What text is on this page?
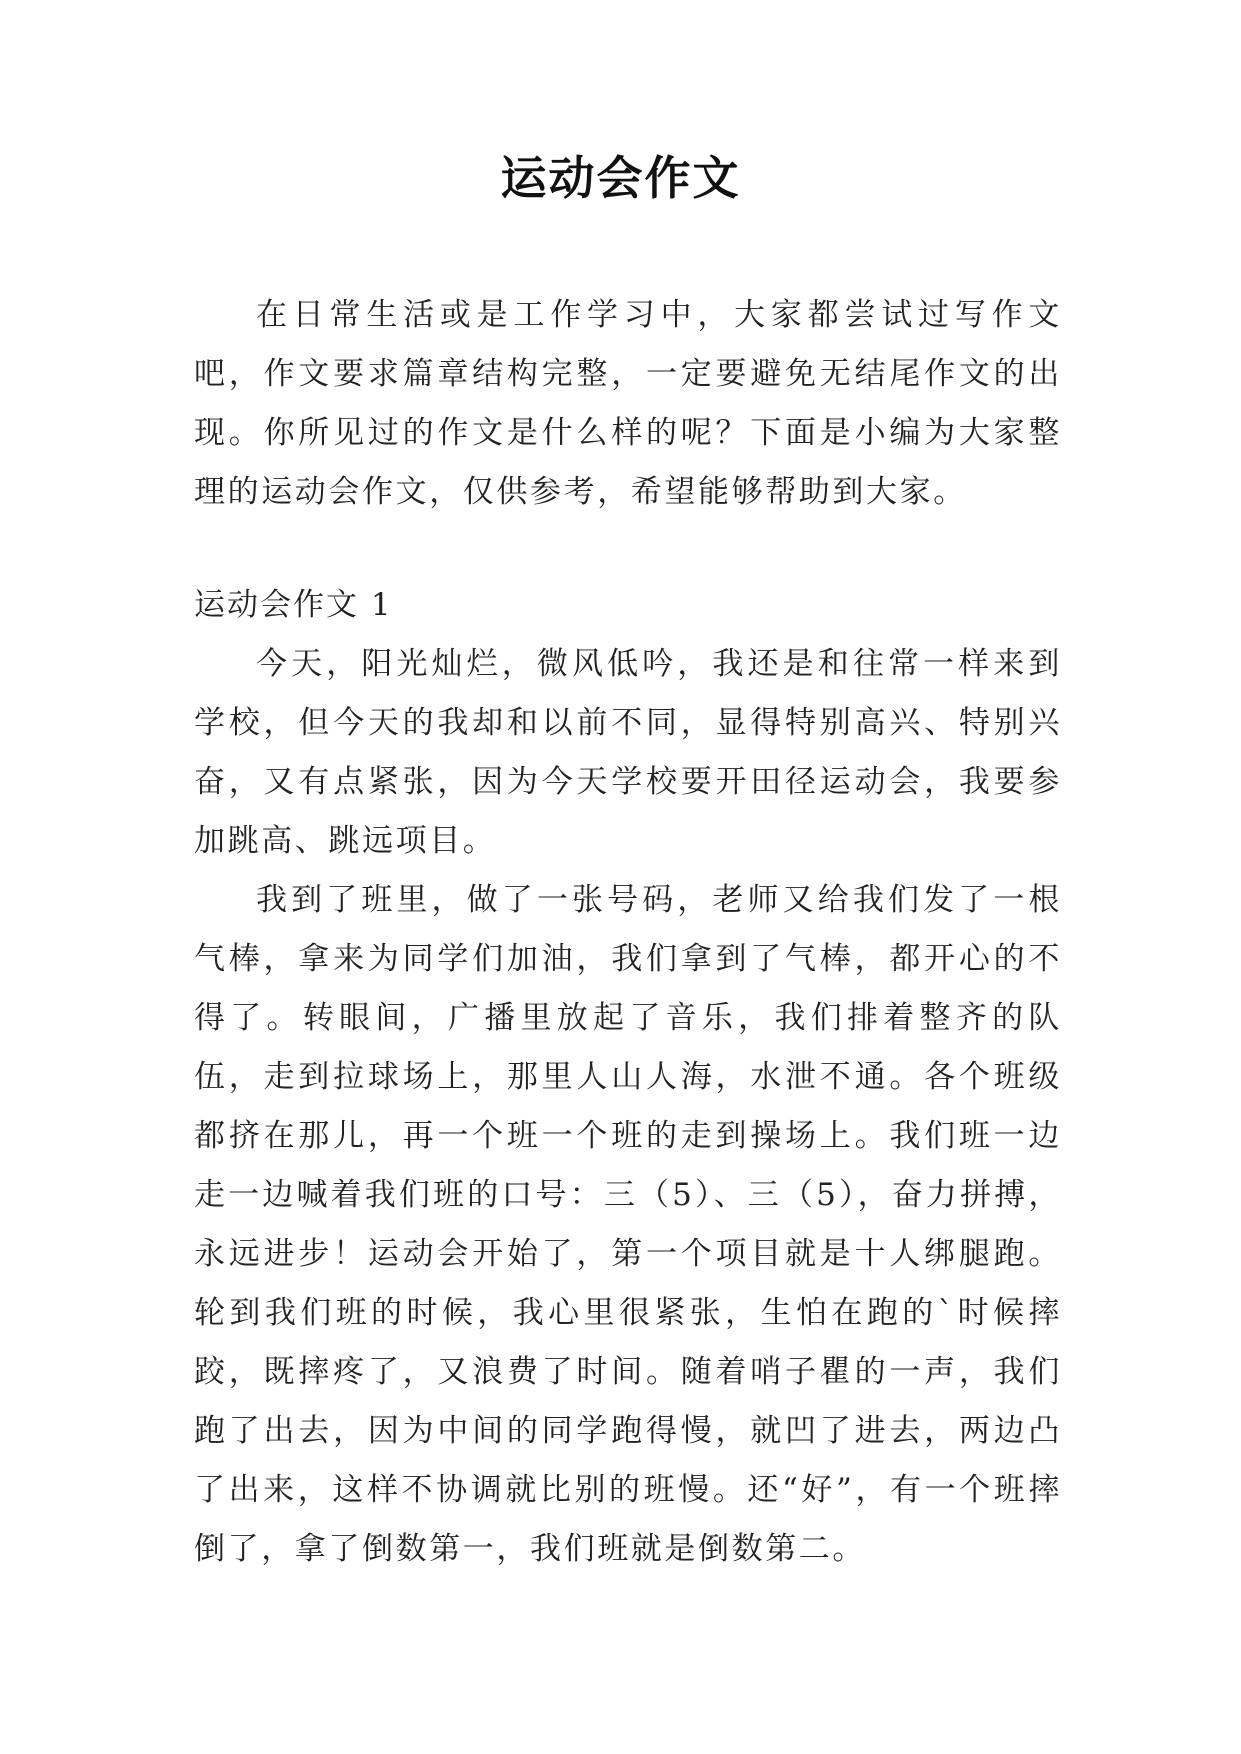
运动会作文

在日常生活或是工作学习中，大家都尝试过写作文吧，作文要求篇章结构完整，一定要避免无结尾作文的出现。你所见过的作文是什么样的呢？下面是小编为大家整理的运动会作文，仅供参考，希望能够帮助到大家。

运动会作文 1

今天，阳光灿烂，微风低吟，我还是和往常一样来到学校，但今天的我却和以前不同，显得特别高兴、特别兴奋，又有点紧张，因为今天学校要开田径运动会，我要参加跳高、跳远项目。

我到了班里，做了一张号码，老师又给我们发了一根气棒，拿来为同学们加油，我们拿到了气棒，都开心的不得了。转眼间，广播里放起了音乐，我们排着整齐的队伍，走到拉球场上，那里人山人海，水泄不通。各个班级都挤在那儿，再一个班一个班的走到操场上。我们班一边走一边喊着我们班的口号：三（5）、三（5），奋力拼搏，永远进步！运动会开始了，第一个项目就是十人绑腿跑。轮到我们班的时候，我心里很紧张，生怕在跑的`时候摔跤，既摔疼了，又浪费了时间。随着哨子瞿的一声，我们跑了出去，因为中间的同学跑得慢，就凹了进去，两边凸了出来，这样不协调就比别的班慢。还“好”，有一个班摔倒了，拿了倒数第一，我们班就是倒数第二。
